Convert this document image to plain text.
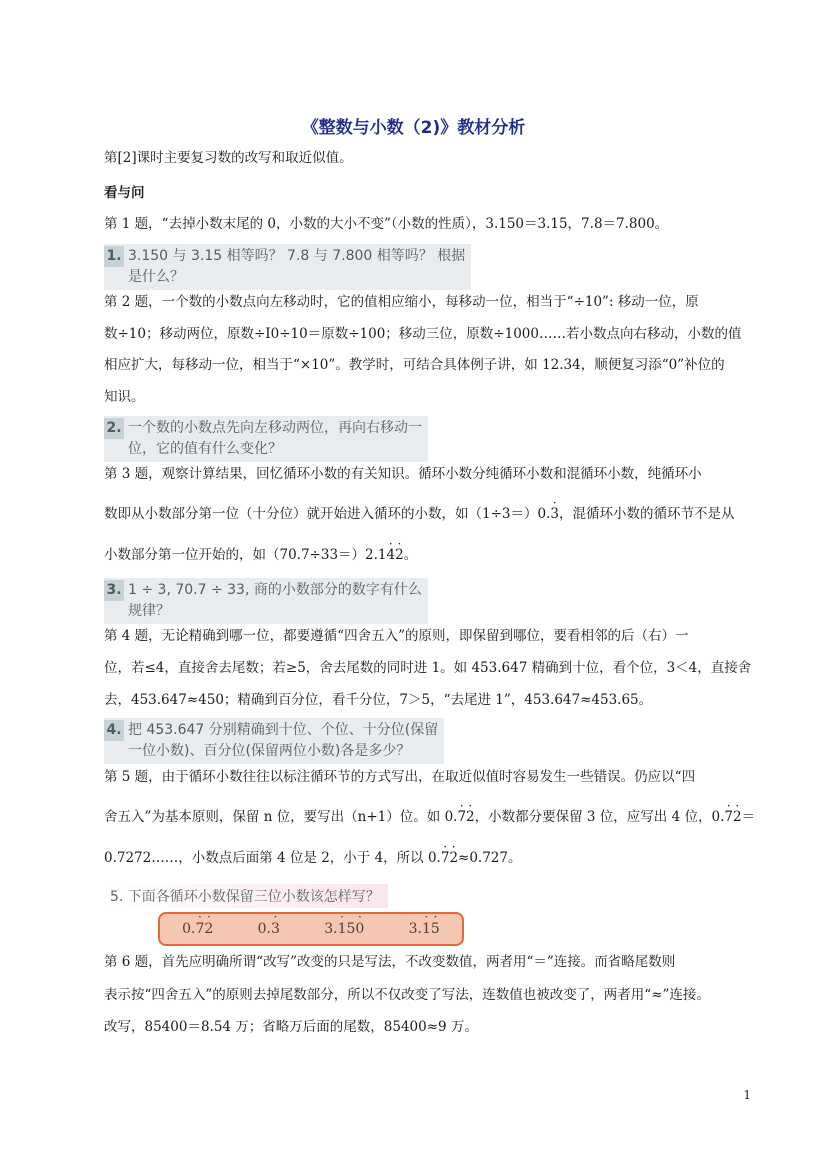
《整数与小数（2)》教材分析
第[2]课时主要复习数的改写和取近似值。
看与问
第 1 题，“去掉小数末尾的 0，小数的大小不变”（小数的性质），3.150＝3.15，7.8＝7.800。
1. 3.150 与 3.15 相等吗？ 7.8 与 7.800 相等吗？ 根据
是什么？
第 2 题，一个数的小数点向左移动时，它的值相应缩小，每移动一位，相当于“÷10”: 移动一位，原
数÷10；移动两位，原数÷I0÷10＝原数÷100；移动三位，原数÷1000……若小数点向右移动，小数的值
相应扩大，每移动一位，相当于“×10”。教学时，可结合具体例子讲，如 12.34，顺便复习添“0”补位的
知识。
2. 一个数的小数点先向左移动两位，再向右移动一
位，它的值有什么变化？
第 3 题，观察计算结果，回忆循环小数的有关知识。循环小数分纯循环小数和混循环小数，纯循环小
数即从小数部分第一位（十分位）就开始进入循环的小数，如（1÷3＝）0.· 3，混循环小数的循环节不是从
小数部分第一位开始的，如（70.7÷33＝）2.1· 4· 2。
3. 1 ÷ 3, 70.7 ÷ 33, 商的小数部分的数字有什么
规律？
第 4 题，无论精确到哪一位，都要遵循“四舍五入”的原则，即保留到哪位，要看相邻的后（右）一
位，若≤4，直接舍去尾数；若≥5，舍去尾数的同时进 1。如 453.647 精确到十位，看个位，3＜4，直接舍
去，453.647≈450；精确到百分位，看千分位，7＞5，“去尾进 1”，453.647≈453.65。
4. 把 453.647 分别精确到十位、个位、十分位(保留
一位小数)、百分位(保留两位小数)各是多少？
第 5 题，由于循环小数往往以标注循环节的方式写出，在取近似值时容易发生一些错误。仍应以“四
舍五入”为基本原则，保留 n 位，要写出（n+1）位。如 0.· 7· 2，小数都分要保留 3 位，应写出 4 位，0.· 7· 2＝
0.7272……，小数点后面第 4 位是 2，小于 4，所以 0.· 7· 2≈0.727。
5. 下面各循环小数保留三位小数该怎样写？
0.· 7· 2	0.· 3	3.· 15· 0	3.· 1· 5
第 6 题，首先应明确所谓“改写”改变的只是写法，不改变数值，两者用“＝”连接。而省略尾数则
表示按“四舍五入”的原则去掉尾数部分，所以不仅改变了写法，连数值也被改变了，两者用“≈”连接。
改写，85400＝8.54 万；省略万后面的尾数，85400≈9 万。
1
